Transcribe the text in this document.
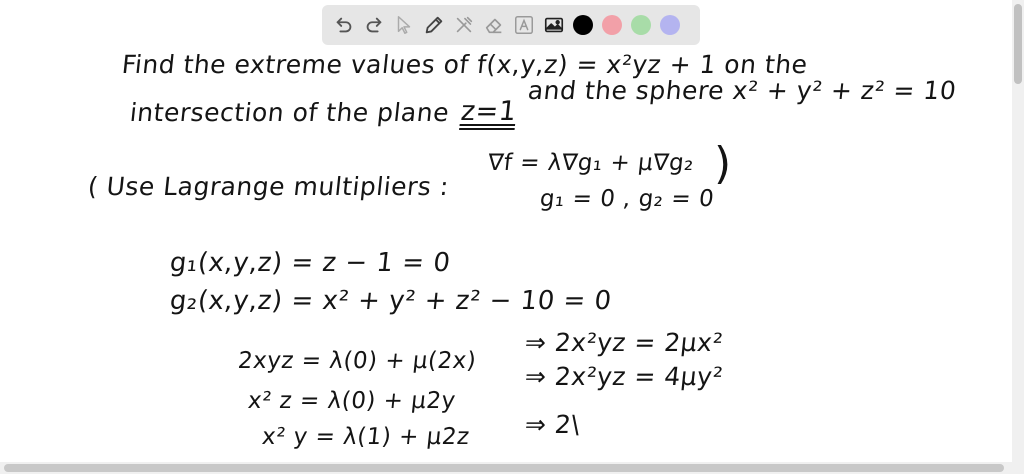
Find the extreme values of f(x,y,z) = x²yz + 1 on the
intersection of the plane z=1
and the sphere x² + y² + z² = 10
( Use Lagrange multipliers :
∇f = λ∇g₁ + μ∇g₂
g₁ = 0 , g₂ = 0
)
g₁(x,y,z) = z − 1 = 0
g₂(x,y,z) = x² + y² + z² − 10 = 0
2xyz = λ(0) + μ(2x)
⇒ 2x²yz = 2μx²
x² z = λ(0) + μ2y
⇒ 2x²yz = 4μy²
x² y = λ(1) + μ2z ⇒ 2\
